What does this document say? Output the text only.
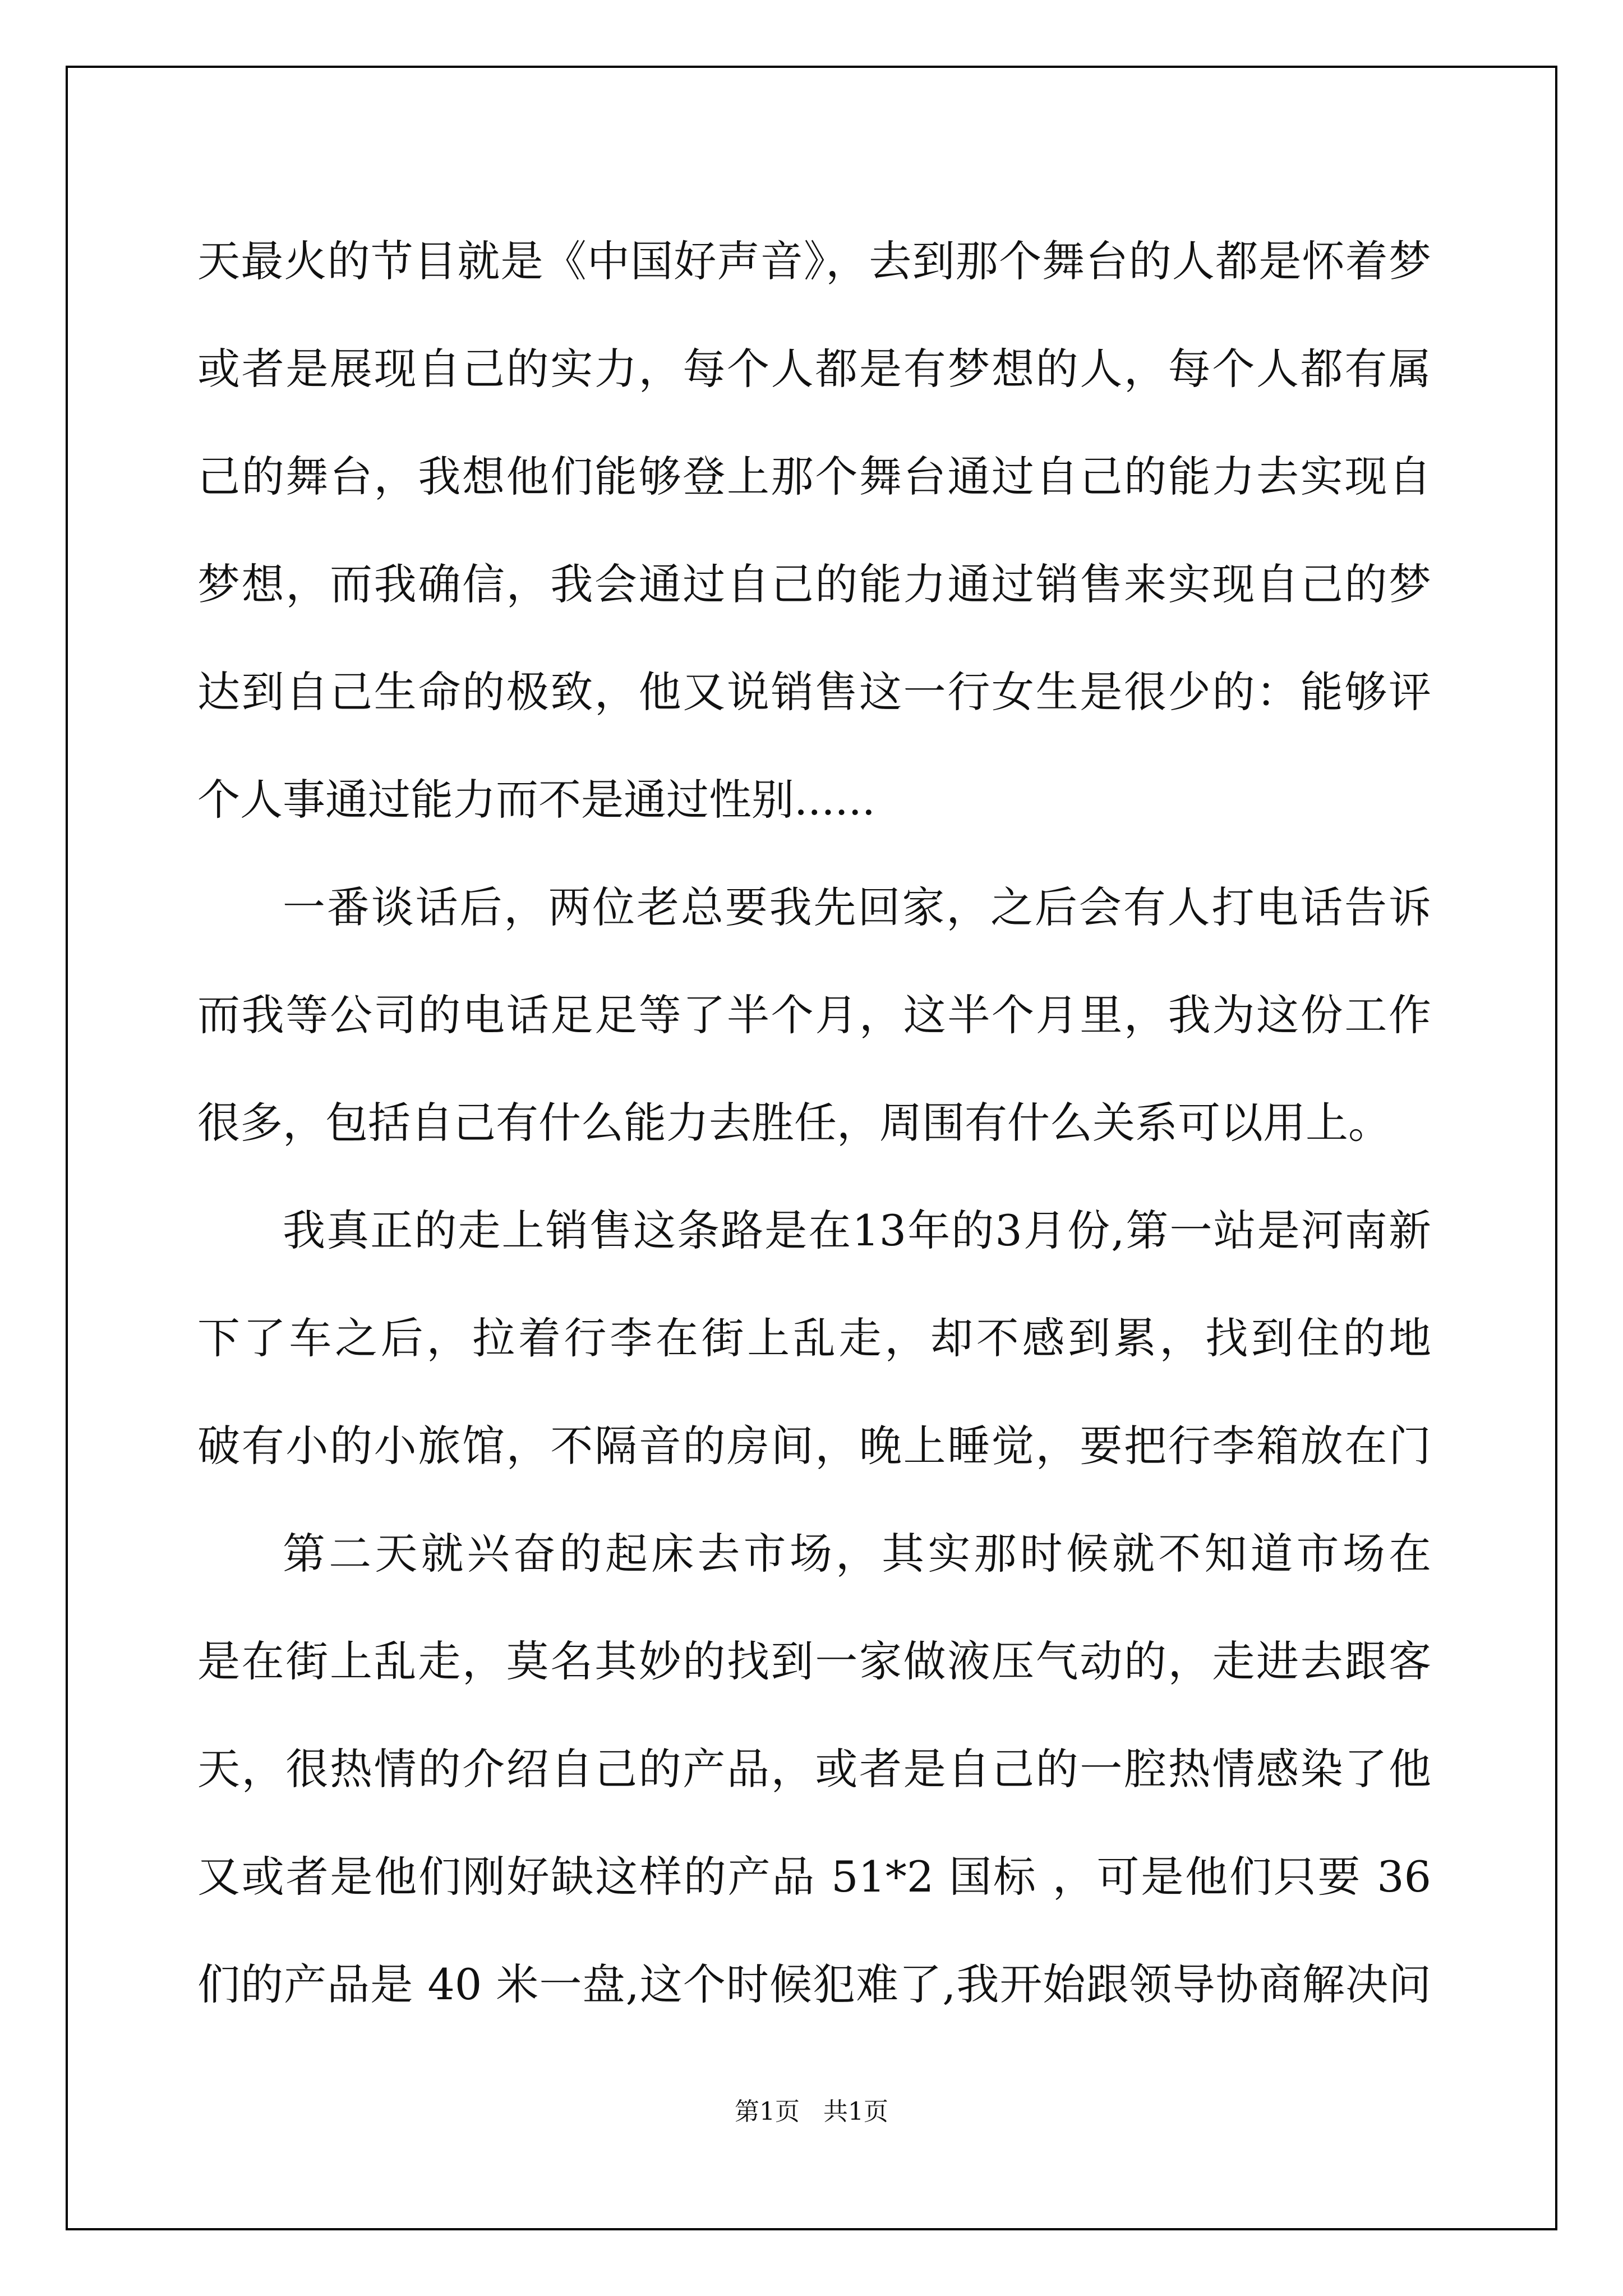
天最火的节目就是《中国好声音》，去到那个舞台的人都是怀着梦
或者是展现自己的实力，每个人都是有梦想的人，每个人都有属
己的舞台，我想他们能够登上那个舞台通过自己的能力去实现自
梦想，而我确信，我会通过自己的能力通过销售来实现自己的梦
达到自己生命的极致，他又说销售这一行女生是很少的：能够评
个人事通过能力而不是通过性别......
一番谈话后，两位老总要我先回家，之后会有人打电话告诉
而我等公司的电话足足等了半个月，这半个月里，我为这份工作
很多，包括自己有什么能力去胜任，周围有什么关系可以用上。
我真正的走上销售这条路是在13年的3月份,第一站是河南新
下了车之后，拉着行李在街上乱走，却不感到累，找到住的地
破有小的小旅馆，不隔音的房间，晚上睡觉，要把行李箱放在门
第二天就兴奋的起床去市场，其实那时候就不知道市场在
是在街上乱走，莫名其妙的找到一家做液压气动的，走进去跟客
天，很热情的介绍自己的产品，或者是自己的一腔热情感染了他
又或者是他们刚好缺这样的产品 51*2 国标 ，可是他们只要 36
们的产品是 40 米一盘,这个时候犯难了,我开始跟领导协商解决问
第1页   共1页
